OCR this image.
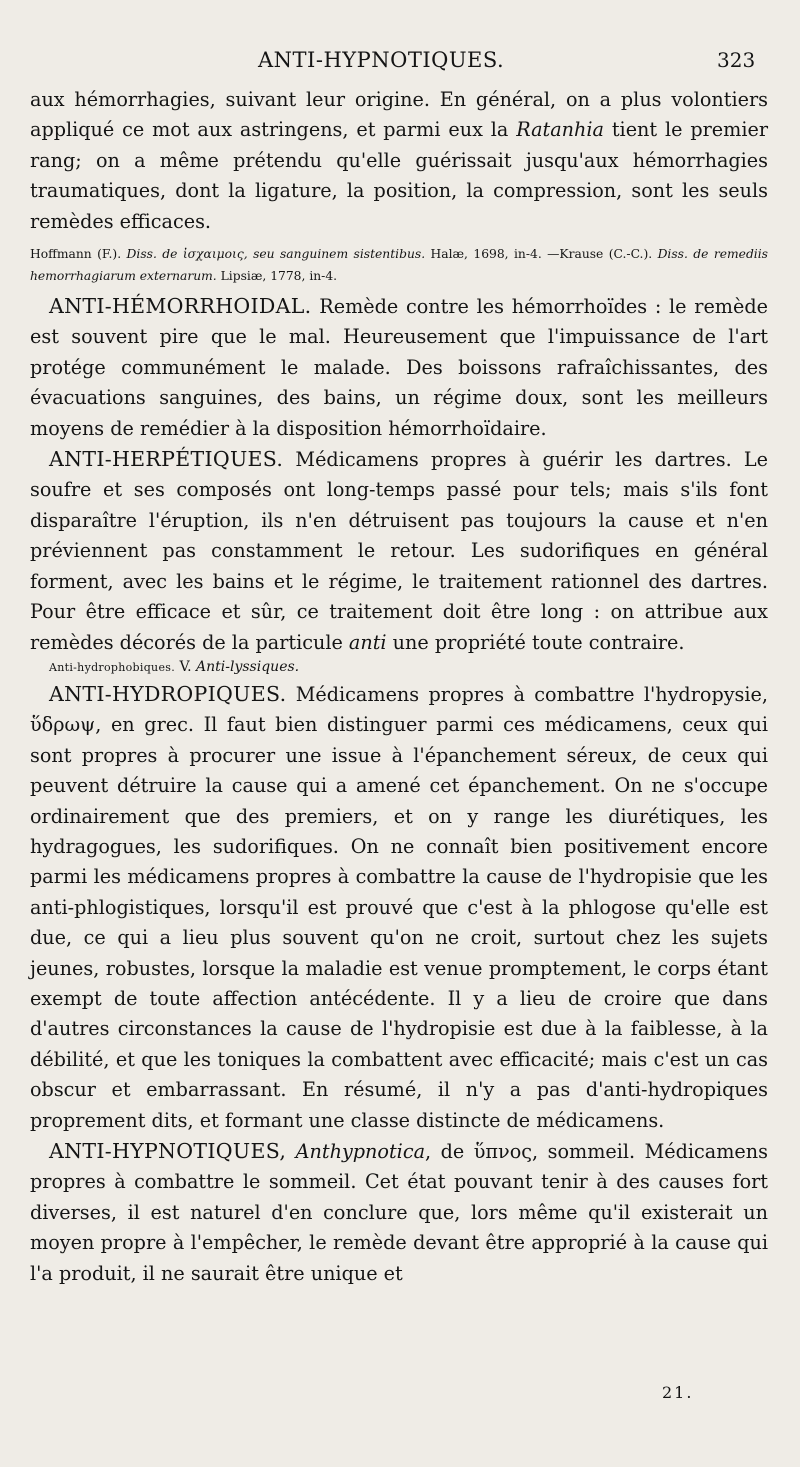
ANTI-HYPNOTIQUES.	323

aux hémorrhagies, suivant leur origine. En général, on a plus volontiers appliqué ce mot aux astringens, et parmi eux la Ratanhia tient le premier rang; on a même prétendu qu'elle guérissait jusqu'aux hémorrhagies traumatiques, dont la ligature, la position, la compression, sont les seuls remèdes efficaces.

Hoffmann (F.). Diss. de ἰσχαιμοις, seu sanguinem sistentibus. Halæ, 1698, in-4. —Krause (C.-C.). Diss. de remediis hemorrhagiarum externarum. Lipsiæ, 1778, in-4.

ANTI-HÉMORRHOIDAL. Remède contre les hémorrhoïdes : le remède est souvent pire que le mal. Heureusement que l'impuissance de l'art protége communément le malade. Des boissons rafraîchissantes, des évacuations sanguines, des bains, un régime doux, sont les meilleurs moyens de remédier à la disposition hémorrhoïdaire.

ANTI-HERPÉTIQUES. Médicamens propres à guérir les dartres. Le soufre et ses composés ont long-temps passé pour tels; mais s'ils font disparaître l'éruption, ils n'en détruisent pas toujours la cause et n'en préviennent pas constamment le retour. Les sudorifiques en général forment, avec les bains et le régime, le traitement rationnel des dartres. Pour être efficace et sûr, ce traitement doit être long : on attribue aux remèdes décorés de la particule anti une propriété toute contraire.

Anti-hydrophobiques. V. Anti-lyssiques.

ANTI-HYDROPIQUES. Médicamens propres à combattre l'hydropysie, ὕδρωψ, en grec. Il faut bien distinguer parmi ces médicamens, ceux qui sont propres à procurer une issue à l'épanchement séreux, de ceux qui peuvent détruire la cause qui a amené cet épanchement. On ne s'occupe ordinairement que des premiers, et on y range les diurétiques, les hydragogues, les sudorifiques. On ne connaît bien positivement encore parmi les médicamens propres à combattre la cause de l'hydropisie que les anti-phlogistiques, lorsqu'il est prouvé que c'est à la phlogose qu'elle est due, ce qui a lieu plus souvent qu'on ne croit, surtout chez les sujets jeunes, robustes, lorsque la maladie est venue promptement, le corps étant exempt de toute affection antécédente. Il y a lieu de croire que dans d'autres circonstances la cause de l'hydropisie est due à la faiblesse, à la débilité, et que les toniques la combattent avec efficacité; mais c'est un cas obscur et embarrassant. En résumé, il n'y a pas d'anti-hydropiques proprement dits, et formant une classe distincte de médicamens.

ANTI-HYPNOTIQUES, Anthypnotica, de ὕπνος, sommeil. Médicamens propres à combattre le sommeil. Cet état pouvant tenir à des causes fort diverses, il est naturel d'en conclure que, lors même qu'il existerait un moyen propre à l'empêcher, le remède devant être approprié à la cause qui l'a produit, il ne saurait être unique et

21.
